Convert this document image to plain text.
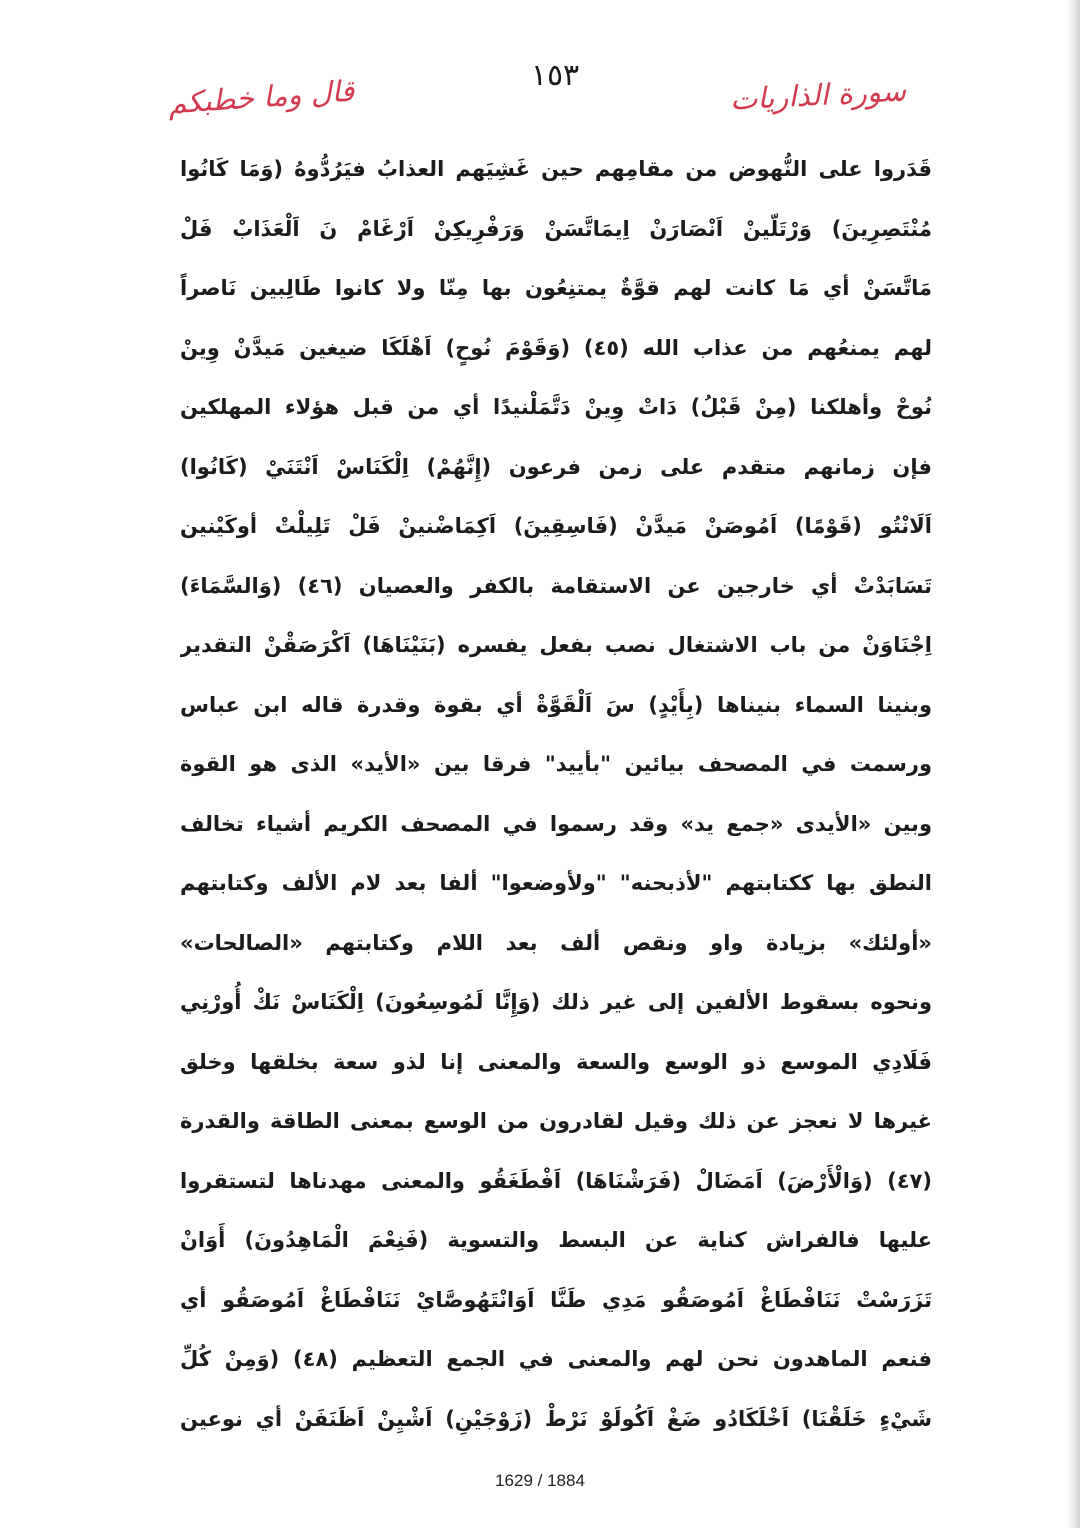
١٥٣
قال وما خطبكم	سورة الذاريات
قَدَروا على النُّهوض من مقامِهم حين غَشِيَهم العذابُ فيَرُدُّوهُ (وَمَا كَانُوا
مُنْتَصِرِينَ) وَرْتَلّينْ اَنْصَارَنْ اِيمَاتَّسَنْ وَرَفْرِيكِنْ اَرْغَامْ نَ اَلْعَذَابْ فَلْ
مَاتَّسَنْ أي مَا كانت لهم قوَّةٌ يمتنِعُون بها مِنّا ولا كانوا طَالِبين نَاصراً
لهم يمنعُهم من عذاب الله (٤٥) (وَقَوْمَ نُوحٍ) اَهْلَكَا ضيغين مَيدَّنْ وِينْ
نُوحْ وأهلكنا (مِنْ قَبْلُ) دَاتْ وِينْ دَتَّمَلْنيدًا أي من قبل هؤلاء المهلكين
فإن زمانهم متقدم على زمن فرعون (إِنَّهُمْ) اِلْكَنَاسْ اَنْتَنَيْ (كَانُوا)
اَلَانْتُو (قَوْمًا) اَمُوصَنْ مَيدَّنْ (فَاسِقِينَ) اَكِمَاضْنينْ فَلْ تَلِيلْتْ أوكَيْنين
تَسَابَدْتْ أي خارجين عن الاستقامة بالكفر والعصيان (٤٦) (وَالسَّمَاءَ)
اِجْنَاوَنْ من باب الاشتغال نصب بفعل يفسره (بَنَيْنَاهَا) اَكْرَصَقْنْ التقدير
وبنينا السماء بنيناها (بِأَيْدٍ) سَ اَلْقَوَّةْ أي بقوة وقدرة قاله ابن عباس
ورسمت في المصحف بيائين "بأييد" فرقا بين «الأيد» الذى هو القوة
وبين «الأيدى «جمع يد» وقد رسموا في المصحف الكريم أشياء تخالف
النطق بها ككتابتهم "لأذبحنه" "ولأوضعوا" ألفا بعد لام الألف وكتابتهم
«أولئك» بزيادة واو ونقص ألف بعد اللام وكتابتهم «الصالحات»
ونحوه بسقوط الألفين إلى غير ذلك (وَإِنَّا لَمُوسِعُونَ) اِلْكَنَاسْ نَكْ أُورْنِي
فَلَادِي الموسع ذو الوسع والسعة والمعنى إنا لذو سعة بخلقها وخلق
غيرها لا نعجز عن ذلك وقيل لقادرون من الوسع بمعنى الطاقة والقدرة
(٤٧) (وَالْأَرْضَ) اَمَضَالْ (فَرَشْنَاهَا) اَفْطَغَقُو والمعنى مهدناها لتستقروا
عليها فالفراش كناية عن البسط والتسوية (فَنِعْمَ الْمَاهِدُونَ) أَوَانْ
تَزَرَسْتْ نَنَافْطَاغْ اَمُوصَقُو مَدِي طَنَّا اَوَانْتَهُوصَّايْ نَنَافْطَاغْ اَمُوصَقُو أي
فنعم الماهدون نحن لهم والمعنى في الجمع التعظيم (٤٨) (وَمِنْ كُلِّ
شَيْءٍ خَلَقْنَا) اَخْلَكَادُو ضَغْ اَكُولَوْ نَرْطْ (زَوْجَيْنِ) اَشْيِنْ اَظَنَفَنْ أي نوعين
1629 / 1884
